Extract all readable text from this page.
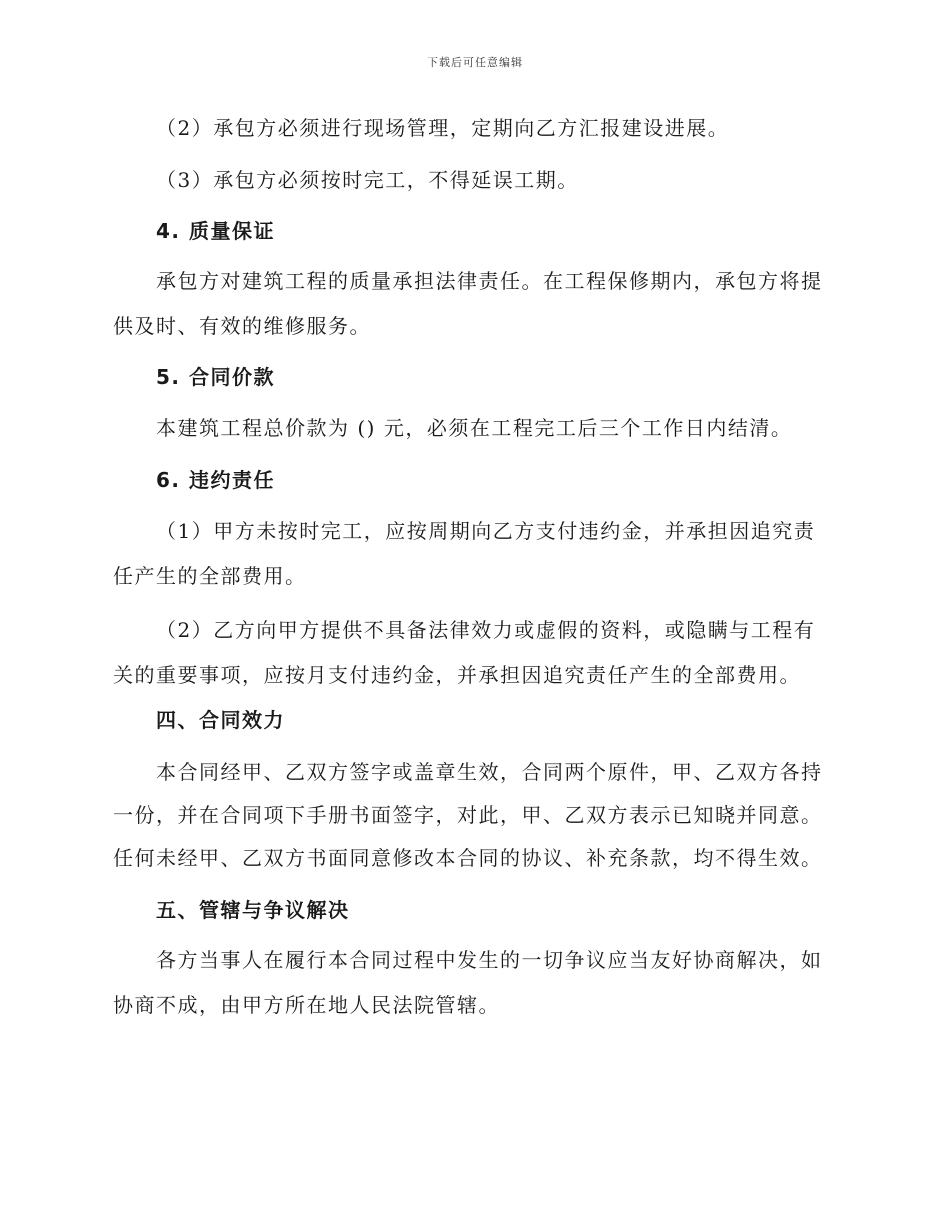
下载后可任意编辑

（2）承包方必须进行现场管理，定期向乙方汇报建设进展。

（3）承包方必须按时完工，不得延误工期。

4. 质量保证

承包方对建筑工程的质量承担法律责任。在工程保修期内，承包方将提供及时、有效的维修服务。

5. 合同价款

本建筑工程总价款为 () 元，必须在工程完工后三个工作日内结清。

6. 违约责任

（1）甲方未按时完工，应按周期向乙方支付违约金，并承担因追究责任产生的全部费用。

（2）乙方向甲方提供不具备法律效力或虚假的资料，或隐瞒与工程有关的重要事项，应按月支付违约金，并承担因追究责任产生的全部费用。

四、合同效力

本合同经甲、乙双方签字或盖章生效，合同两个原件，甲、乙双方各持一份，并在合同项下手册书面签字，对此，甲、乙双方表示已知晓并同意。任何未经甲、乙双方书面同意修改本合同的协议、补充条款，均不得生效。

五、管辖与争议解决

各方当事人在履行本合同过程中发生的一切争议应当友好协商解决，如协商不成，由甲方所在地人民法院管辖。
